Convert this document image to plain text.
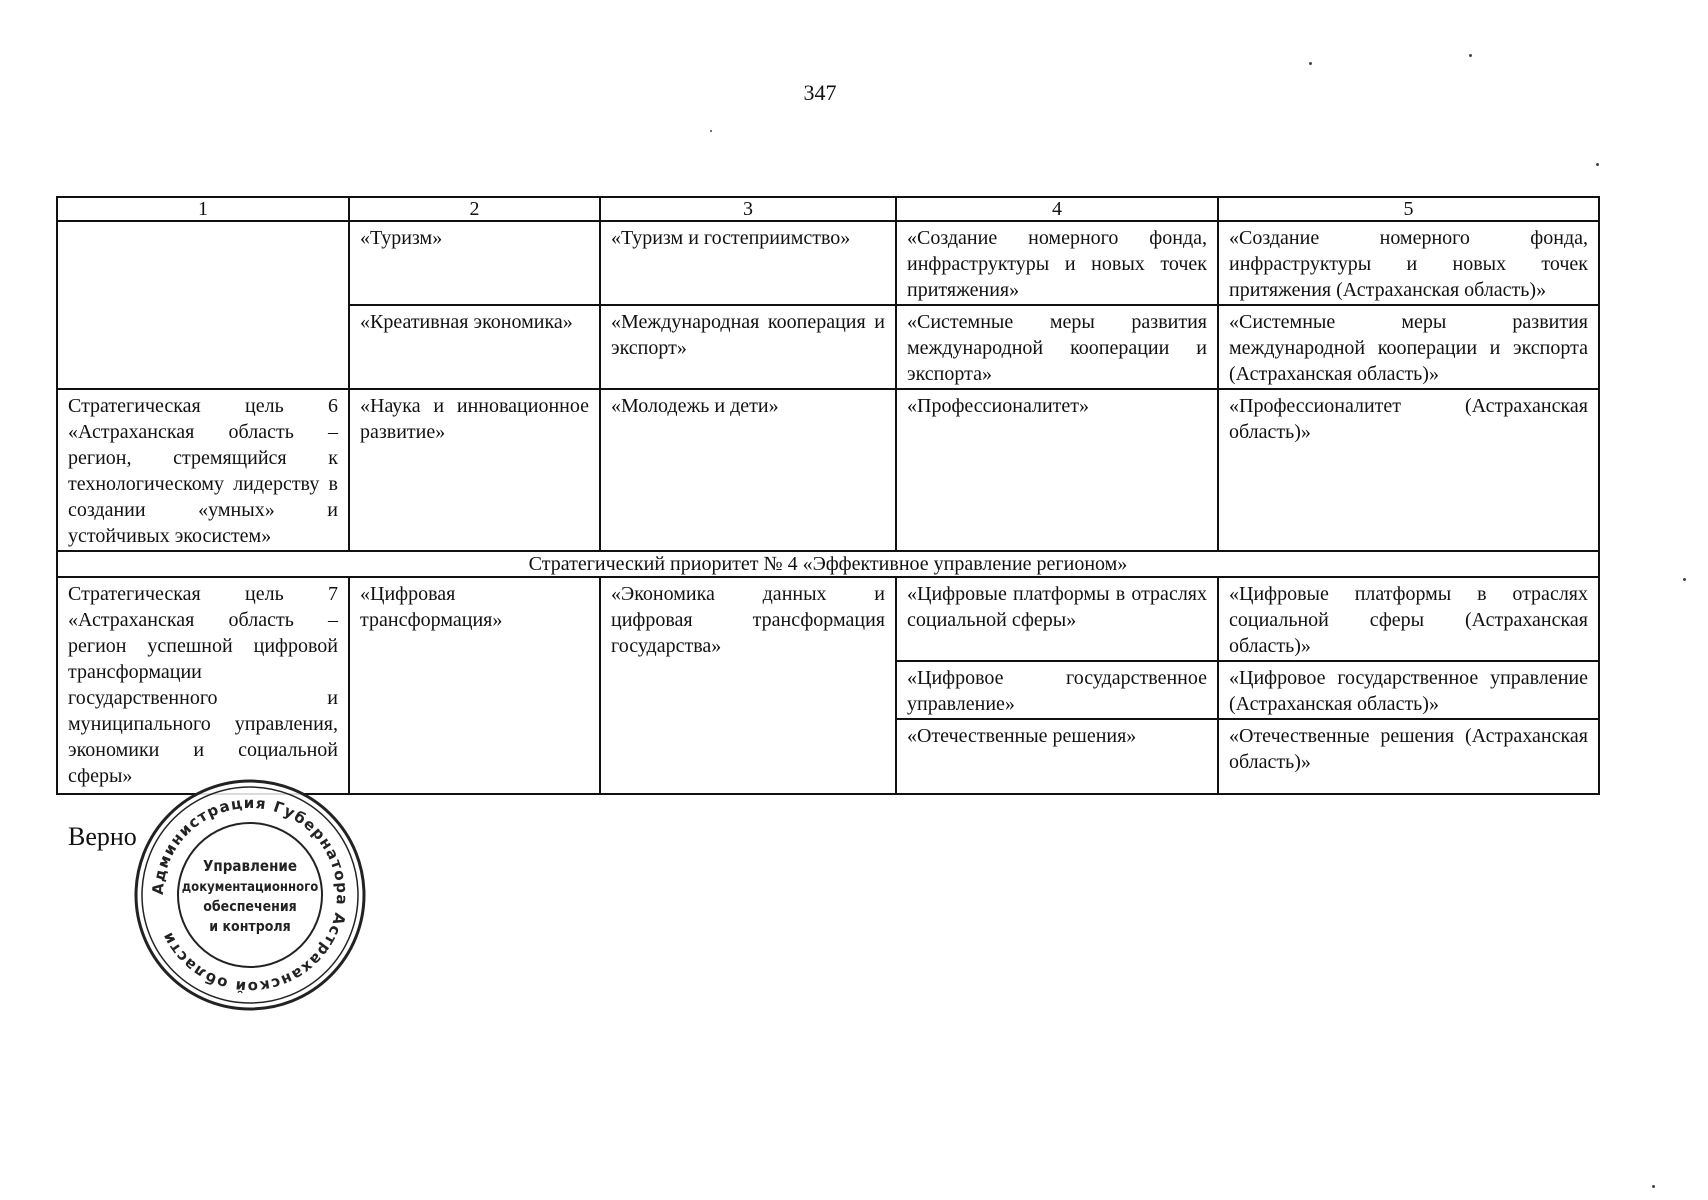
347
1	2	3	4	5
	«Туризм»	«Туризм и гостеприимство»	«Создание номерного фонда, инфраструктуры и новых точек притяжения»	«Создание номерного фонда, инфраструктуры и новых точек притяжения (Астраханская область)»
	«Креативная экономика»	«Международная кооперация и экспорт»	«Системные меры развития международной кооперации и экспорта»	«Системные меры развития международной кооперации и экспорта (Астраханская область)»
Стратегическая цель 6 «Астраханская область – регион, стремящийся к технологическому лидерству в создании «умных» и устойчивых экосистем»	«Наука и инновационное развитие»	«Молодежь и дети»	«Профессионалитет»	«Профессионалитет (Астраханская область)»
Стратегический приоритет № 4 «Эффективное управление регионом»				
Стратегическая цель 7 «Астраханская область – регион успешной цифровой трансформации государственного и муниципального управления, экономики и социальной сферы»	«Цифровая трансформация»	«Экономика данных и цифровая трансформация государства»	«Цифровые платформы в отраслях социальной сферы»	«Цифровые платформы в отраслях социальной сферы (Астраханская область)»
			«Цифровое государственное управление»	«Цифровое государственное управление (Астраханская область)»
			«Отечественные решения»	«Отечественные решения (Астраханская область)»
Верно
Администрация Губернатора Астраханской области
Управление
документационного
обеспечения
и контроля
